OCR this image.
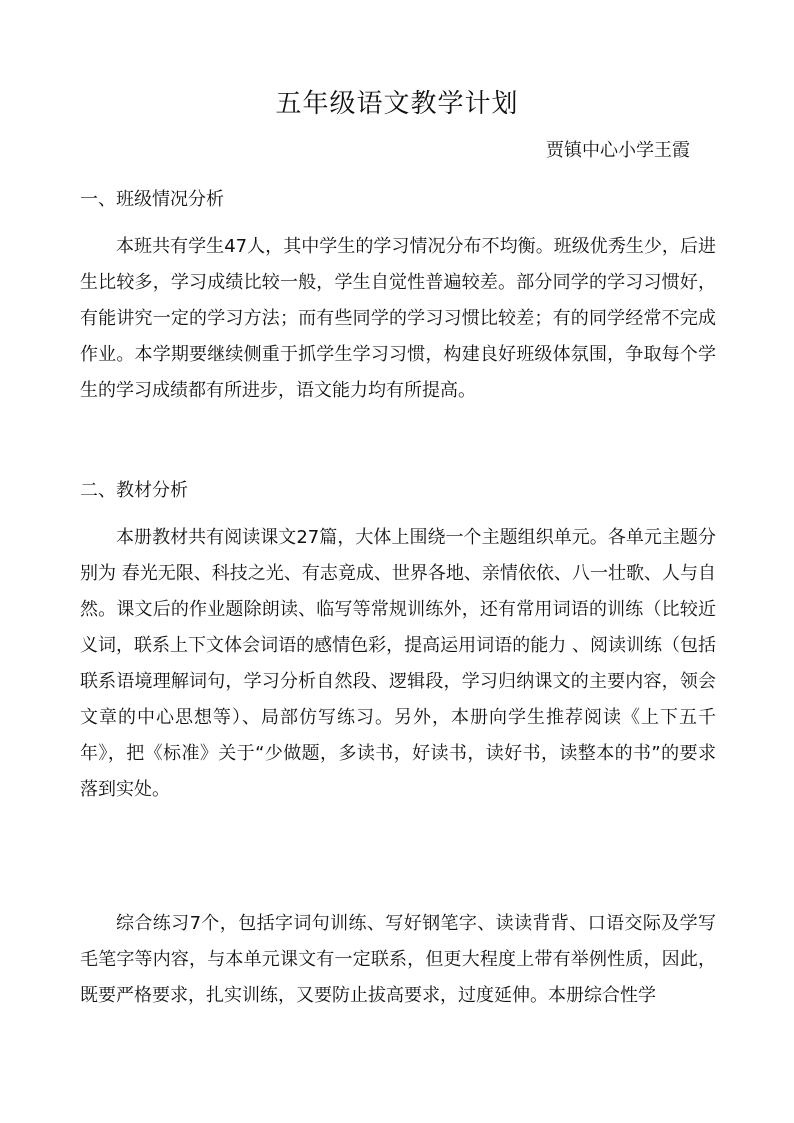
五年级语文教学计划
贾镇中心小学王霞
一、班级情况分析

本班共有学生47人，其中学生的学习情况分布不均衡。班级优秀生少，后进生比较多，学习成绩比较一般，学生自觉性普遍较差。部分同学的学习习惯好，有能讲究一定的学习方法；而有些同学的学习习惯比较差；有的同学经常不完成作业。本学期要继续侧重于抓学生学习习惯，构建良好班级体氛围，争取每个学生的学习成绩都有所进步，语文能力均有所提高。

二、教材分析

本册教材共有阅读课文27篇，大体上围绕一个主题组织单元。各单元主题分别为 春光无限、科技之光、有志竟成、世界各地、亲情依依、八一壮歌、人与自然。课文后的作业题除朗读、临写等常规训练外，还有常用词语的训练（比较近义词，联系上下文体会词语的感情色彩，提高运用词语的能力 、阅读训练（包括联系语境理解词句，学习分析自然段、逻辑段，学习归纳课文的主要内容，领会文章的中心思想等）、局部仿写练习。另外，本册向学生推荐阅读《上下五千年》，把《标准》关于“少做题，多读书，好读书，读好书，读整本的书”的要求落到实处。

综合练习7个，包括字词句训练、写好钢笔字、读读背背、口语交际及学写毛笔字等内容，与本单元课文有一定联系，但更大程度上带有举例性质，因此，既要严格要求，扎实训练，又要防止拔高要求，过度延伸。本册综合性学
